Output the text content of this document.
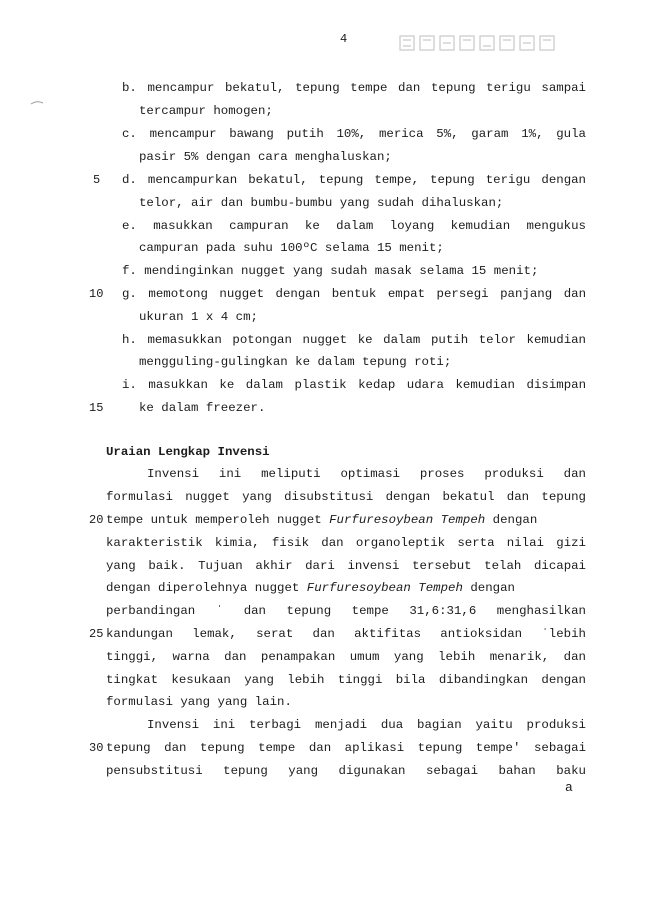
4
b. mencampur bekatul, tepung tempe dan tepung terigu sampai
tercampur homogen;
c. mencampur bawang putih 10%, merica 5%, garam 1%, gula
pasir 5% dengan cara menghaluskan;
5	d. mencampurkan bekatul, tepung tempe, tepung terigu dengan
telor, air dan bumbu-bumbu yang sudah dihaluskan;
e. masukkan campuran ke dalam loyang kemudian mengukus
campuran pada suhu 100ºC selama 15 menit;
f. mendinginkan nugget yang sudah masak selama 15 menit;
10	g. memotong nugget dengan bentuk empat persegi panjang dan
ukuran 1 x 4 cm;
h. memasukkan potongan nugget ke dalam putih telor kemudian
mengguling-gulingkan ke dalam tepung roti;
i. masukkan ke dalam plastik kedap udara kemudian disimpan
15	ke dalam freezer.
Uraian Lengkap Invensi
Invensi ini meliputi optimasi proses produksi dan
formulasi nugget yang disubstitusi dengan bekatul dan tepung
20 tempe untuk memperoleh nugget Furfuresoybean Tempeh dengan
karakteristik kimia, fisik dan organoleptik serta nilai gizi
yang baik. Tujuan akhir dari invensi tersebut telah dicapai
dengan diperolehnya nugget Furfuresoybean Tempeh dengan
perbandingan ˈ dan tepung tempe 31,6:31,6 menghasilkan
25 kandungan lemak, serat dan aktifitas antioksidan ˈlebih
tinggi, warna dan penampakan umum yang lebih menarik, dan
tingkat kesukaan yang lebih tinggi bila dibandingkan dengan
formulasi yang yang lain.
Invensi ini terbagi menjadi dua bagian yaitu produksi
30 tepung dan tepung tempe dan aplikasi tepung tempe' sebagai
pensubstitusi tepung yang digunakan sebagai bahan baku
a
